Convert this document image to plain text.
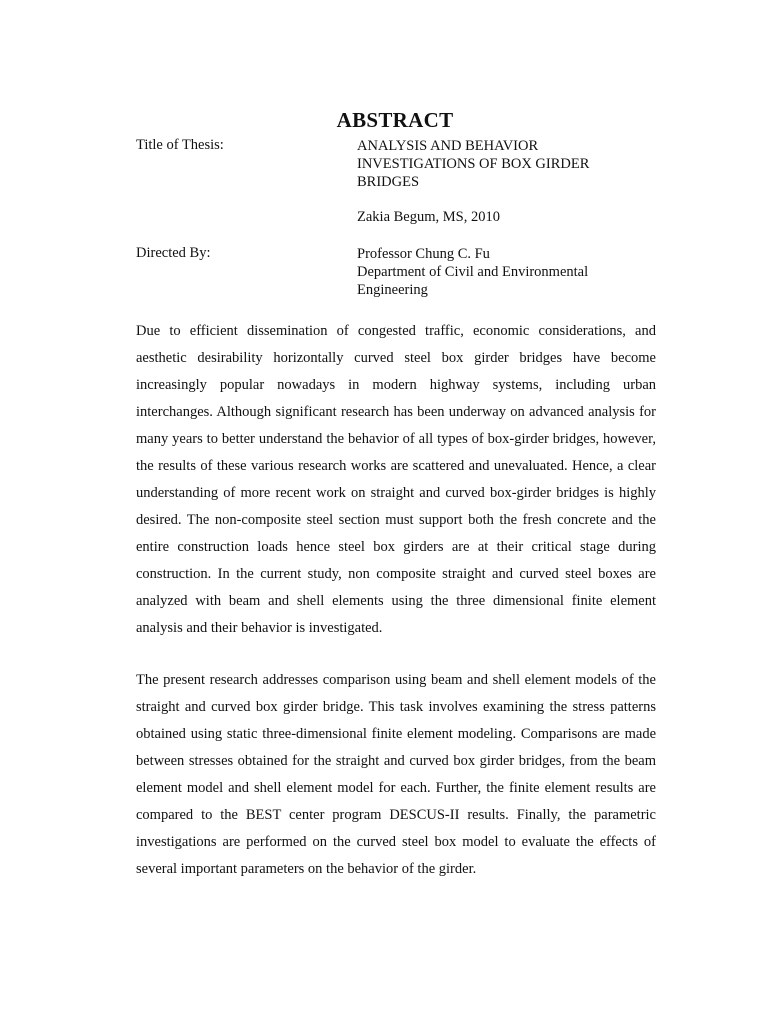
ABSTRACT
Title of Thesis:	ANALYSIS AND BEHAVIOR
INVESTIGATIONS OF BOX GIRDER
BRIDGES
Zakia Begum, MS, 2010
Directed By:	Professor Chung C. Fu
Department of Civil and Environmental
Engineering

Due to efficient dissemination of congested traffic, economic considerations, and aesthetic desirability horizontally curved steel box girder bridges have become increasingly popular nowadays in modern highway systems, including urban interchanges. Although significant research has been underway on advanced analysis for many years to better understand the behavior of all types of box-girder bridges, however, the results of these various research works are scattered and unevaluated. Hence, a clear understanding of more recent work on straight and curved box-girder bridges is highly desired. The non-composite steel section must support both the fresh concrete and the entire construction loads hence steel box girders are at their critical stage during construction. In the current study, non composite straight and curved steel boxes are analyzed with beam and shell elements using the three dimensional finite element analysis and their behavior is investigated.

The present research addresses comparison using beam and shell element models of the straight and curved box girder bridge. This task involves examining the stress patterns obtained using static three-dimensional finite element modeling. Comparisons are made between stresses obtained for the straight and curved box girder bridges, from the beam element model and shell element model for each. Further, the finite element results are compared to the BEST center program DESCUS-II results. Finally, the parametric investigations are performed on the curved steel box model to evaluate the effects of several important parameters on the behavior of the girder.
